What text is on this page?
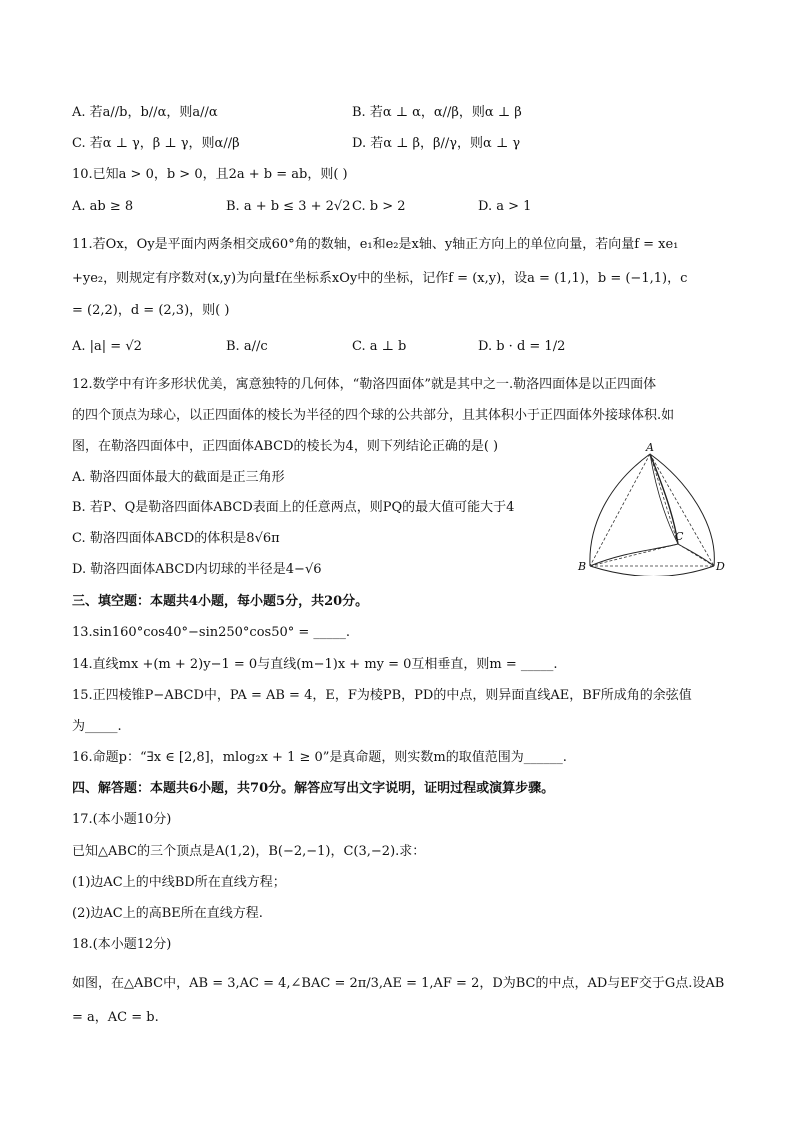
A. 若a//b，b//α，则a//α	B. 若α ⊥ α，α//β，则α ⊥ β
C. 若α ⊥ γ，β ⊥ γ，则α//β	D. 若α ⊥ β，β//γ，则α ⊥ γ
10.已知a > 0，b > 0，且2a + b = ab，则( )
A. ab ≥ 8	B. a + b ≤ 3 + 2√2 C. b > 2	D. a > 1
11.若Ox，Oy是平面内两条相交成60°角的数轴，e₁和e₂是x轴、y轴正方向上的单位向量，若向量f = xe₁
+ye₂，则规定有序数对(x,y)为向量f在坐标系xOy中的坐标，记作f = (x,y)，设a = (1,1)，b = (−1,1)，c
= (2,2)，d = (2,3)，则( )
A. |a| = √2	B. a//c	C. a ⊥ b	D. b · d = 1/2
12.数学中有许多形状优美，寓意独特的几何体，“勒洛四面体”就是其中之一.勒洛四面体是以正四面体
的四个顶点为球心，以正四面体的棱长为半径的四个球的公共部分，且其体积小于正四面体外接球体积.如
图，在勒洛四面体中，正四面体ABCD的棱长为4，则下列结论正确的是( )
A. 勒洛四面体最大的截面是正三角形
B. 若P、Q是勒洛四面体ABCD表面上的任意两点，则PQ的最大值可能大于4
C. 勒洛四面体ABCD的体积是8√6π
D. 勒洛四面体ABCD内切球的半径是4−√6
A
B
C
D
三、填空题：本题共4小题，每小题5分，共20分。
13.sin160°cos40°−sin250°cos50° = _____.
14.直线mx +(m + 2)y−1 = 0与直线(m−1)x + my = 0互相垂直，则m = _____.
15.正四棱锥P−ABCD中，PA = AB = 4，E，F为棱PB，PD的中点，则异面直线AE，BF所成角的余弦值
为_____.
16.命题p：“∃x ∈ [2,8]，mlog₂x + 1 ≥ 0”是真命题，则实数m的取值范围为______.
四、解答题：本题共6小题，共70分。解答应写出文字说明，证明过程或演算步骤。
17.(本小题10分)
已知△ABC的三个顶点是A(1,2)，B(−2,−1)，C(3,−2).求：
(1)边AC上的中线BD所在直线方程；
(2)边AC上的高BE所在直线方程.
18.(本小题12分)
如图，在△ABC中，AB = 3,AC = 4,∠BAC = 2π/3,AE = 1,AF = 2，D为BC的中点，AD与EF交于G点.设AB
= a，AC = b.
